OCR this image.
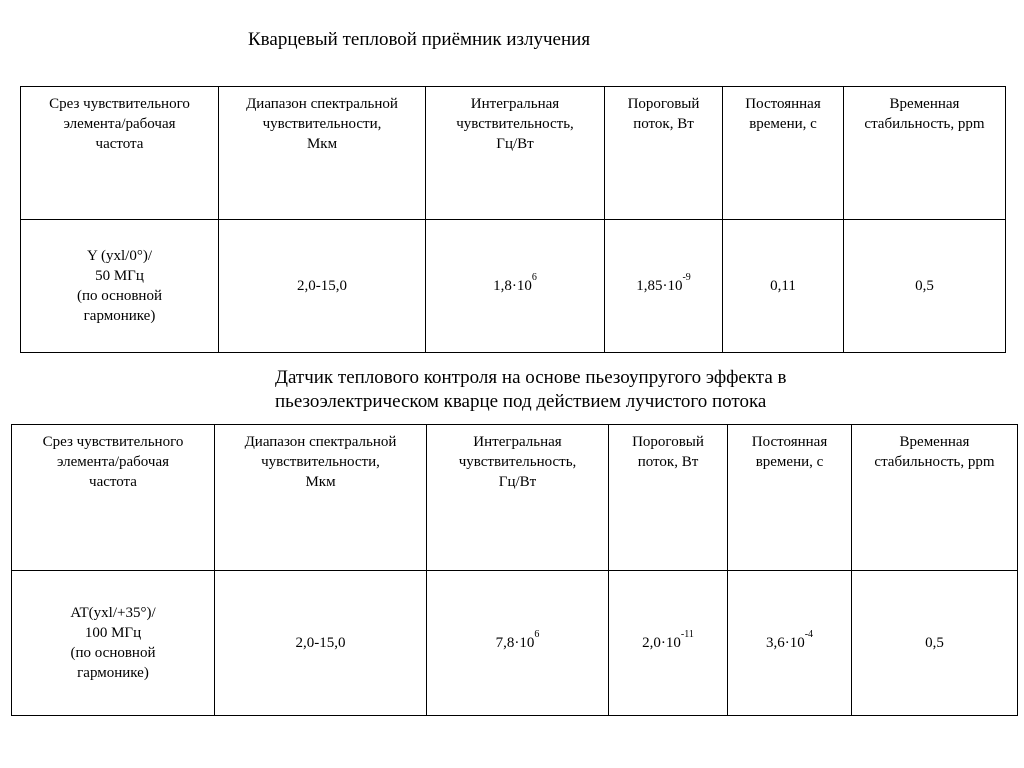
Кварцевый тепловой приёмник излучения
Срез чувствительного
элемента/рабочая
частота	Диапазон спектральной
чувствительности,
Мкм	Интегральная
чувствительность,
Гц/Вт	Пороговый
поток, Вт	Постоянная
времени, с	Временная
стабильность, ppm

Y (yxl/0°)/
50 МГц
(по основной
гармонике)	2,0-15,0	$1,8\cdot 10^6$	$1,85\cdot 10^{-9}$	0,11	0,5
Датчик теплового контроля на основе пьезоупругого эффекта в
пьезоэлектрическом кварце под действием лучистого потока
Срез чувствительного
элемента/рабочая
частота	Диапазон спектральной
чувствительности,
Мкм	Интегральная
чувствительность,
Гц/Вт	Пороговый
поток, Вт	Постоянная
времени, с	Временная
стабильность, ppm

AT(yxl/+35°)/
100 МГц
(по основной
гармонике)	2,0-15,0	$7,8\cdot 10^6$	$2,0\cdot 10^{-11}$	$3,6\cdot 10^{-4}$	0,5
